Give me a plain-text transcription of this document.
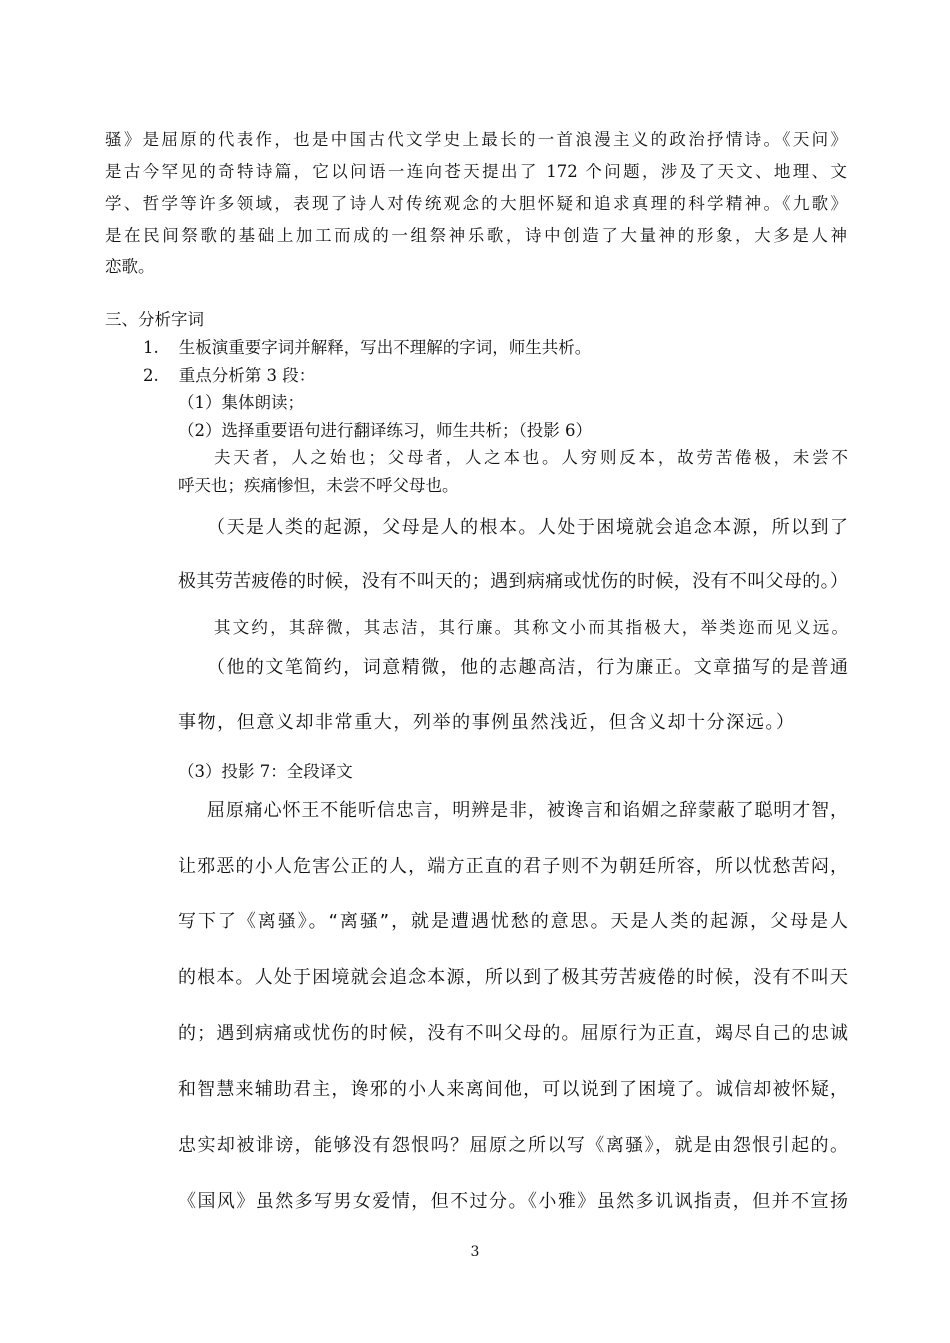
骚》是屈原的代表作，也是中国古代文学史上最长的一首浪漫主义的政治抒情诗。《天问》
是古今罕见的奇特诗篇，它以问语一连向苍天提出了 172 个问题，涉及了天文、地理、文
学、哲学等许多领域，表现了诗人对传统观念的大胆怀疑和追求真理的科学精神。《九歌》
是在民间祭歌的基础上加工而成的一组祭神乐歌，诗中创造了大量神的形象，大多是人神
恋歌。
三、分析字词
1. 生板演重要字词并解释，写出不理解的字词，师生共析。
2. 重点分析第 3 段：
（1）集体朗读；
（2）选择重要语句进行翻译练习，师生共析；（投影 6）
夫天者，人之始也；父母者，人之本也。人穷则反本，故劳苦倦极，未尝不
呼天也；疾痛惨怛，未尝不呼父母也。
（天是人类的起源，父母是人的根本。人处于困境就会追念本源，所以到了
极其劳苦疲倦的时候，没有不叫天的；遇到病痛或忧伤的时候，没有不叫父母的。）
其文约，其辞微，其志洁，其行廉。其称文小而其指极大，举类迩而见义远。
（他的文笔简约，词意精微，他的志趣高洁，行为廉正。文章描写的是普通
事物，但意义却非常重大，列举的事例虽然浅近，但含义却十分深远。）
（3）投影 7：全段译文
屈原痛心怀王不能听信忠言，明辨是非，被谗言和谄媚之辞蒙蔽了聪明才智，
让邪恶的小人危害公正的人，端方正直的君子则不为朝廷所容，所以忧愁苦闷，
写下了《离骚》。“离骚”，就是遭遇忧愁的意思。天是人类的起源，父母是人
的根本。人处于困境就会追念本源，所以到了极其劳苦疲倦的时候，没有不叫天
的；遇到病痛或忧伤的时候，没有不叫父母的。屈原行为正直，竭尽自己的忠诚
和智慧来辅助君主，谗邪的小人来离间他，可以说到了困境了。诚信却被怀疑，
忠实却被诽谤，能够没有怨恨吗？屈原之所以写《离骚》，就是由怨恨引起的。
《国风》虽然多写男女爱情，但不过分。《小雅》虽然多讥讽指责，但并不宣扬
3
